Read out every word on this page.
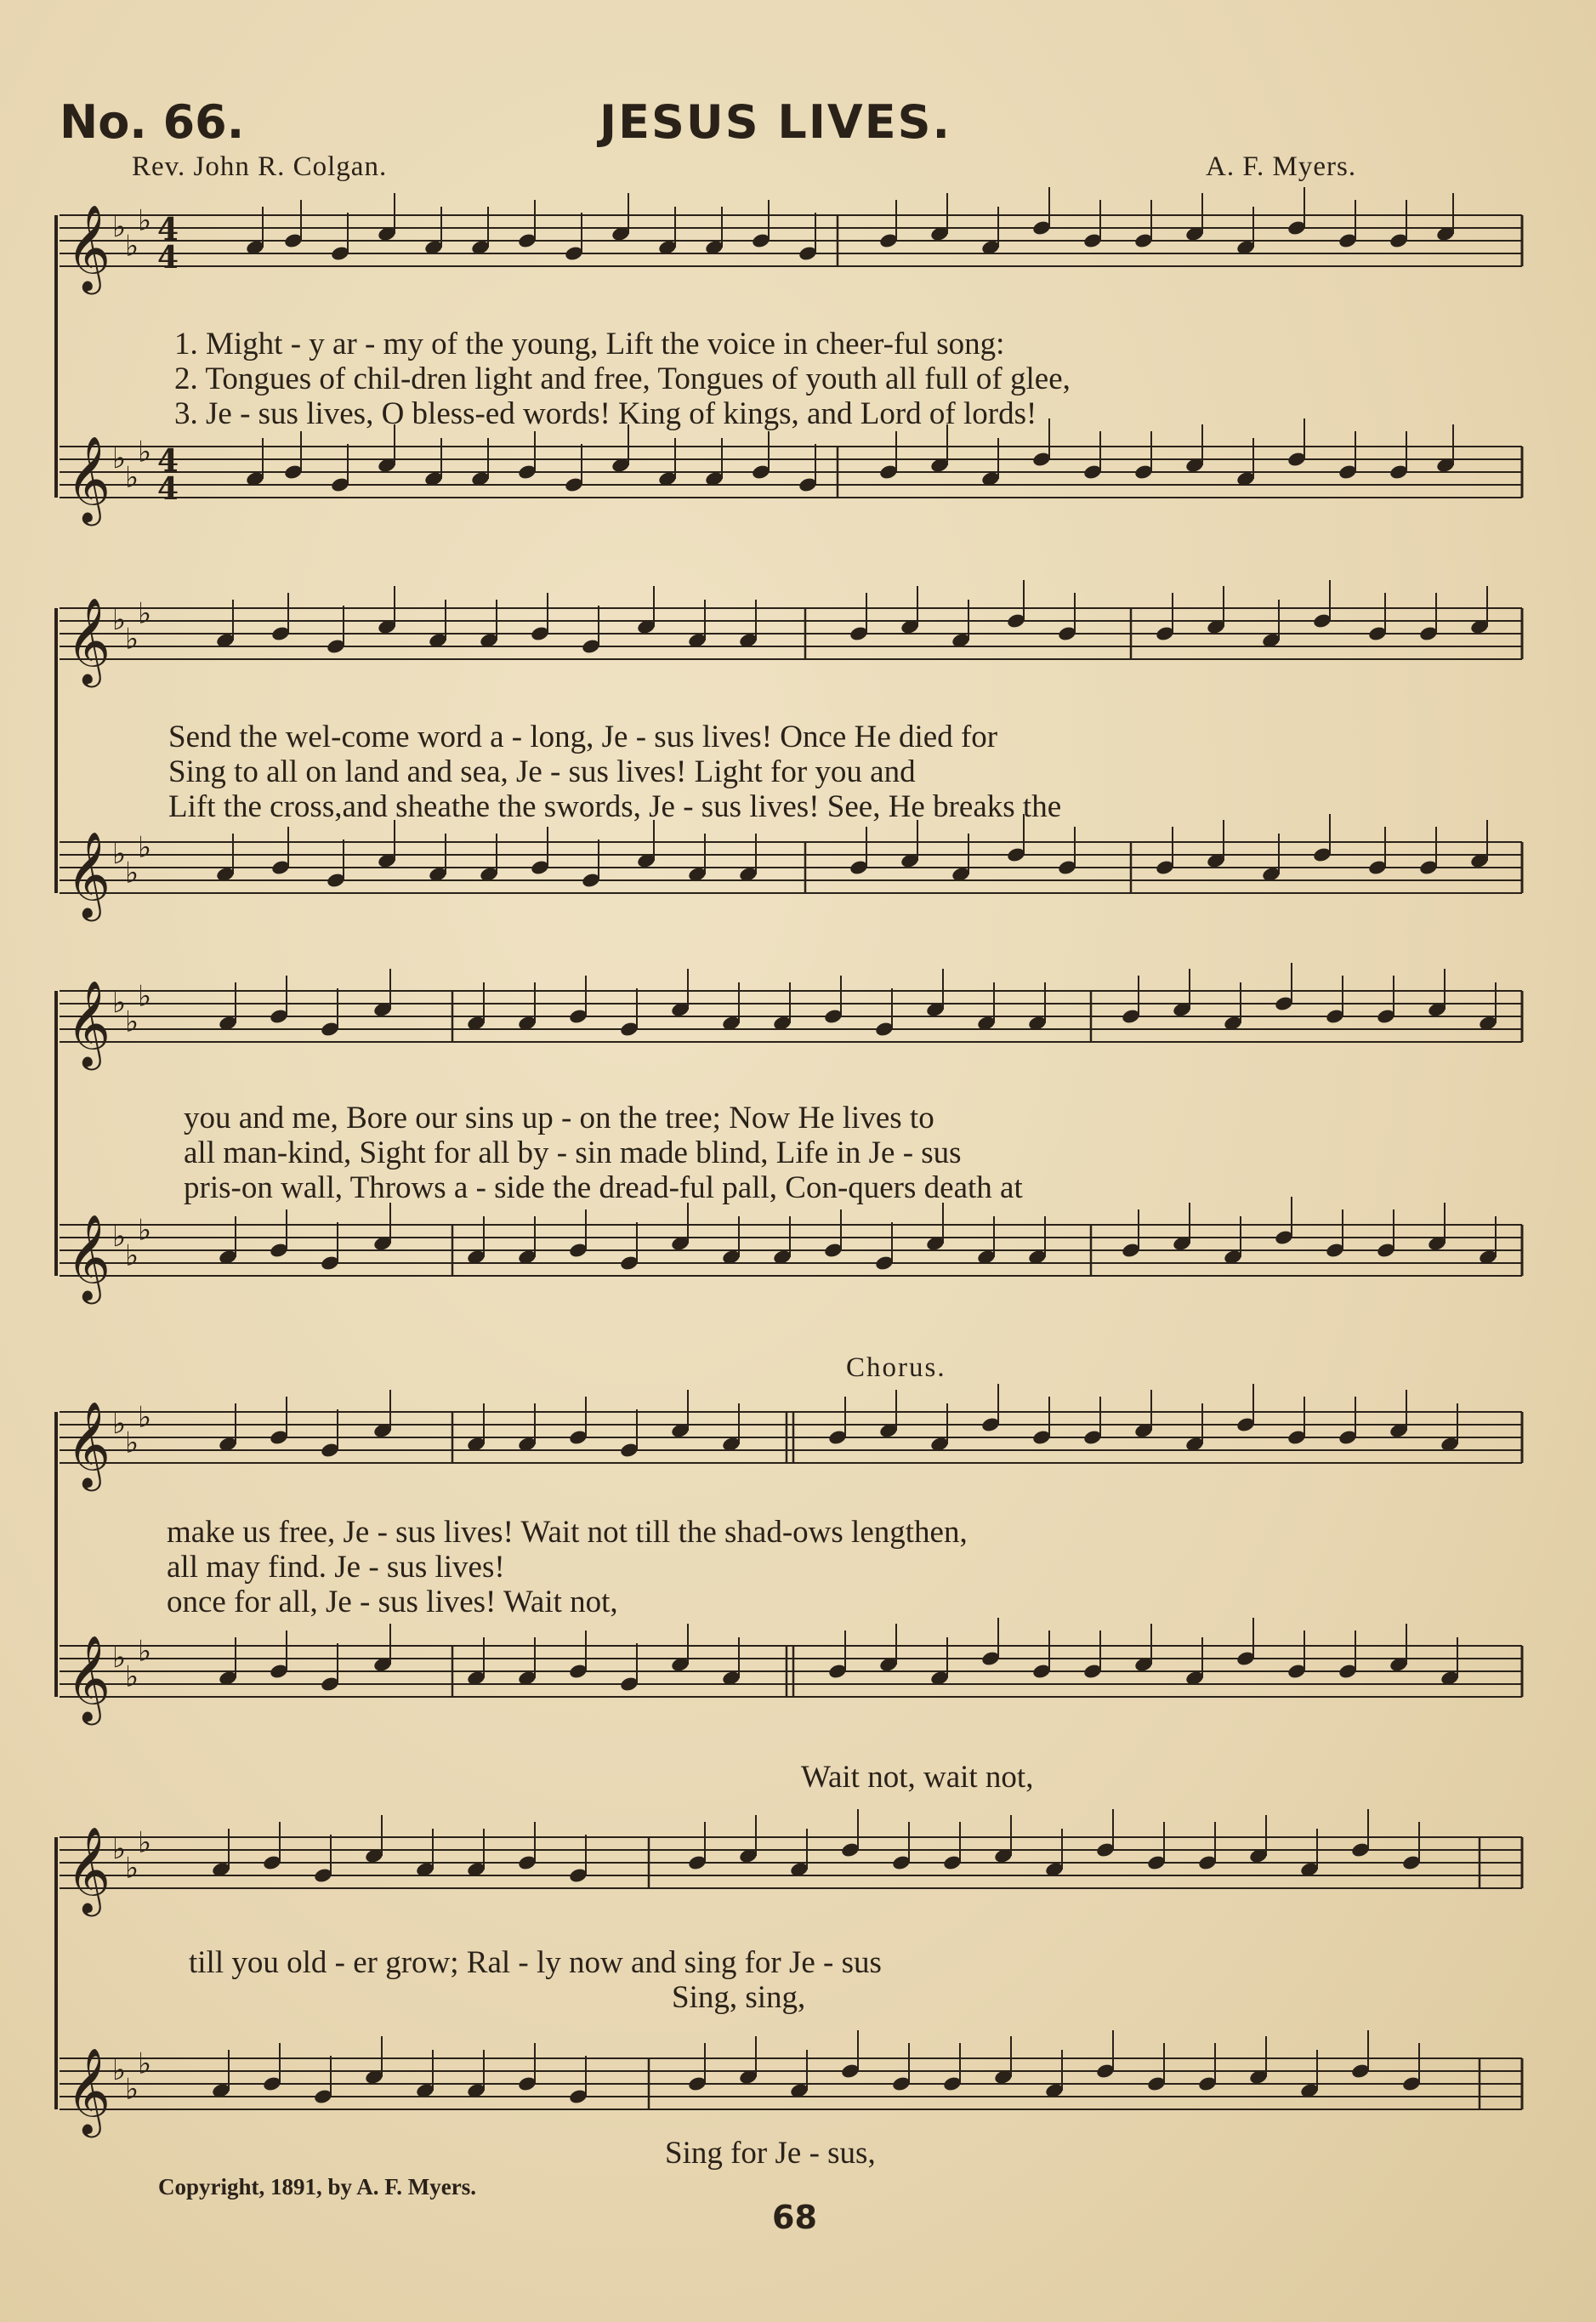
No. 66.	JESUS LIVES.
Rev. John R. Colgan.	A. F. Myers.
𝄞 ♭
♭
♭ 4
4
𝄞 ♭
♭
♭ 4
4
𝄞 ♭
♭
♭
𝄞 ♭
♭
♭
𝄞 ♭
♭
♭
𝄞 ♭
♭
♭
𝄞 ♭
♭
♭
𝄞 ♭
♭
♭
𝄞 ♭
♭
♭
𝄞 ♭
♭
♭
1. Might - y ar - my of the young, Lift the voice in cheer-ful song:
2. Tongues of chil-dren light and free, Tongues of youth all full of glee,
3. Je - sus lives, O bless-ed words! King of kings, and Lord of lords!
Send the wel-come word a - long, Je - sus lives! Once He died for
Sing to all on land and sea, Je - sus lives! Light for you and
Lift the cross,and sheathe the swords, Je - sus lives! See, He breaks the
you and me, Bore our sins up - on the tree; Now He lives to
all man-kind, Sight for all by - sin made blind, Life in Je - sus
pris-on wall, Throws a - side the dread-ful pall, Con-quers death at
Chorus.
make us free, Je - sus lives! Wait not till the shad-ows lengthen,
all may find. Je - sus lives!
once for all, Je - sus lives! Wait not,
Wait not, wait not,
till you old - er grow; Ral - ly now and sing for Je - sus
Sing, sing,
Sing for Je - sus,
Copyright, 1891, by A. F. Myers.
68
